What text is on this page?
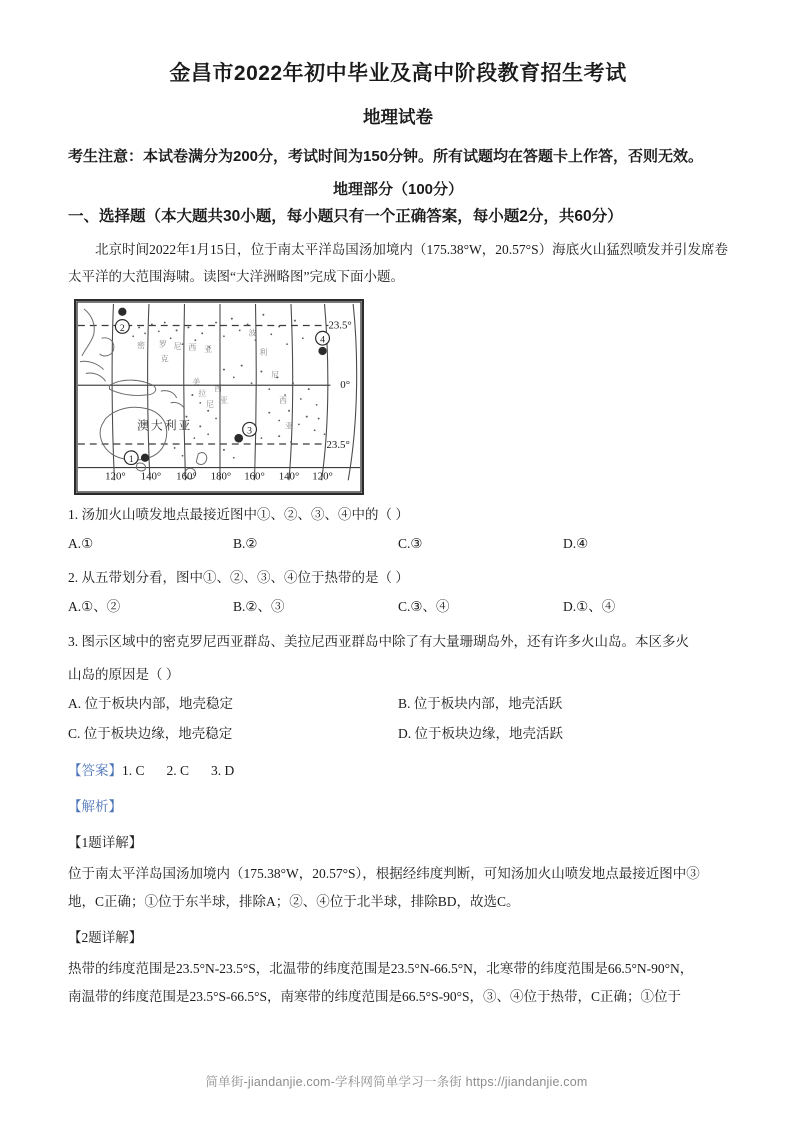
金昌市2022年初中毕业及高中阶段教育招生考试
地理试卷

考生注意：本试卷满分为200分，考试时间为150分钟。所有试题均在答题卡上作答，否则无效。

地理部分（100分）

一、选择题（本大题共30小题，每小题只有一个正确答案，每小题2分，共60分）

北京时间2022年1月15日，位于南太平洋岛国汤加境内（175.38°W，20.57°S）海底火山猛烈喷发并引发席卷太平洋的大范围海啸。读图“大洋洲略图”完成下面小题。

2
1
3
4
澳大利亚
密 罗 尼 西 亚
克
美
拉
尼
西
亚
波
利
尼
西
亚
23.5°
0°
23.5°
120° 140° 160° 180° 160° 140° 120°

1. 汤加火山喷发地点最接近图中①、②、③、④中的（ ）

A.①	B.②	C.③	D.④

2. 从五带划分看，图中①、②、③、④位于热带的是（ ）

A.①、②	B.②、③	C.③、④	D.①、④

3. 图示区域中的密克罗尼西亚群岛、美拉尼西亚群岛中除了有大量珊瑚岛外，还有许多火山岛。本区多火

山岛的原因是（ ）

A. 位于板块内部，地壳稳定	B. 位于板块内部，地壳活跃
C. 位于板块边缘，地壳稳定	D. 位于板块边缘，地壳活跃

【答案】1. C 2. C 3. D

【解析】

【1题详解】

位于南太平洋岛国汤加境内（175.38°W，20.57°S），根据经纬度判断，可知汤加火山喷发地点最接近图中③

地，C正确；①位于东半球，排除A；②、④位于北半球，排除BD，故选C。

【2题详解】

热带的纬度范围是23.5°N-23.5°S，北温带的纬度范围是23.5°N-66.5°N，北寒带的纬度范围是66.5°N-90°N，

南温带的纬度范围是23.5°S-66.5°S，南寒带的纬度范围是66.5°S-90°S，③、④位于热带，C正确；①位于

简单街-jiandanjie.com-学科网简单学习一条街 https://jiandanjie.com
